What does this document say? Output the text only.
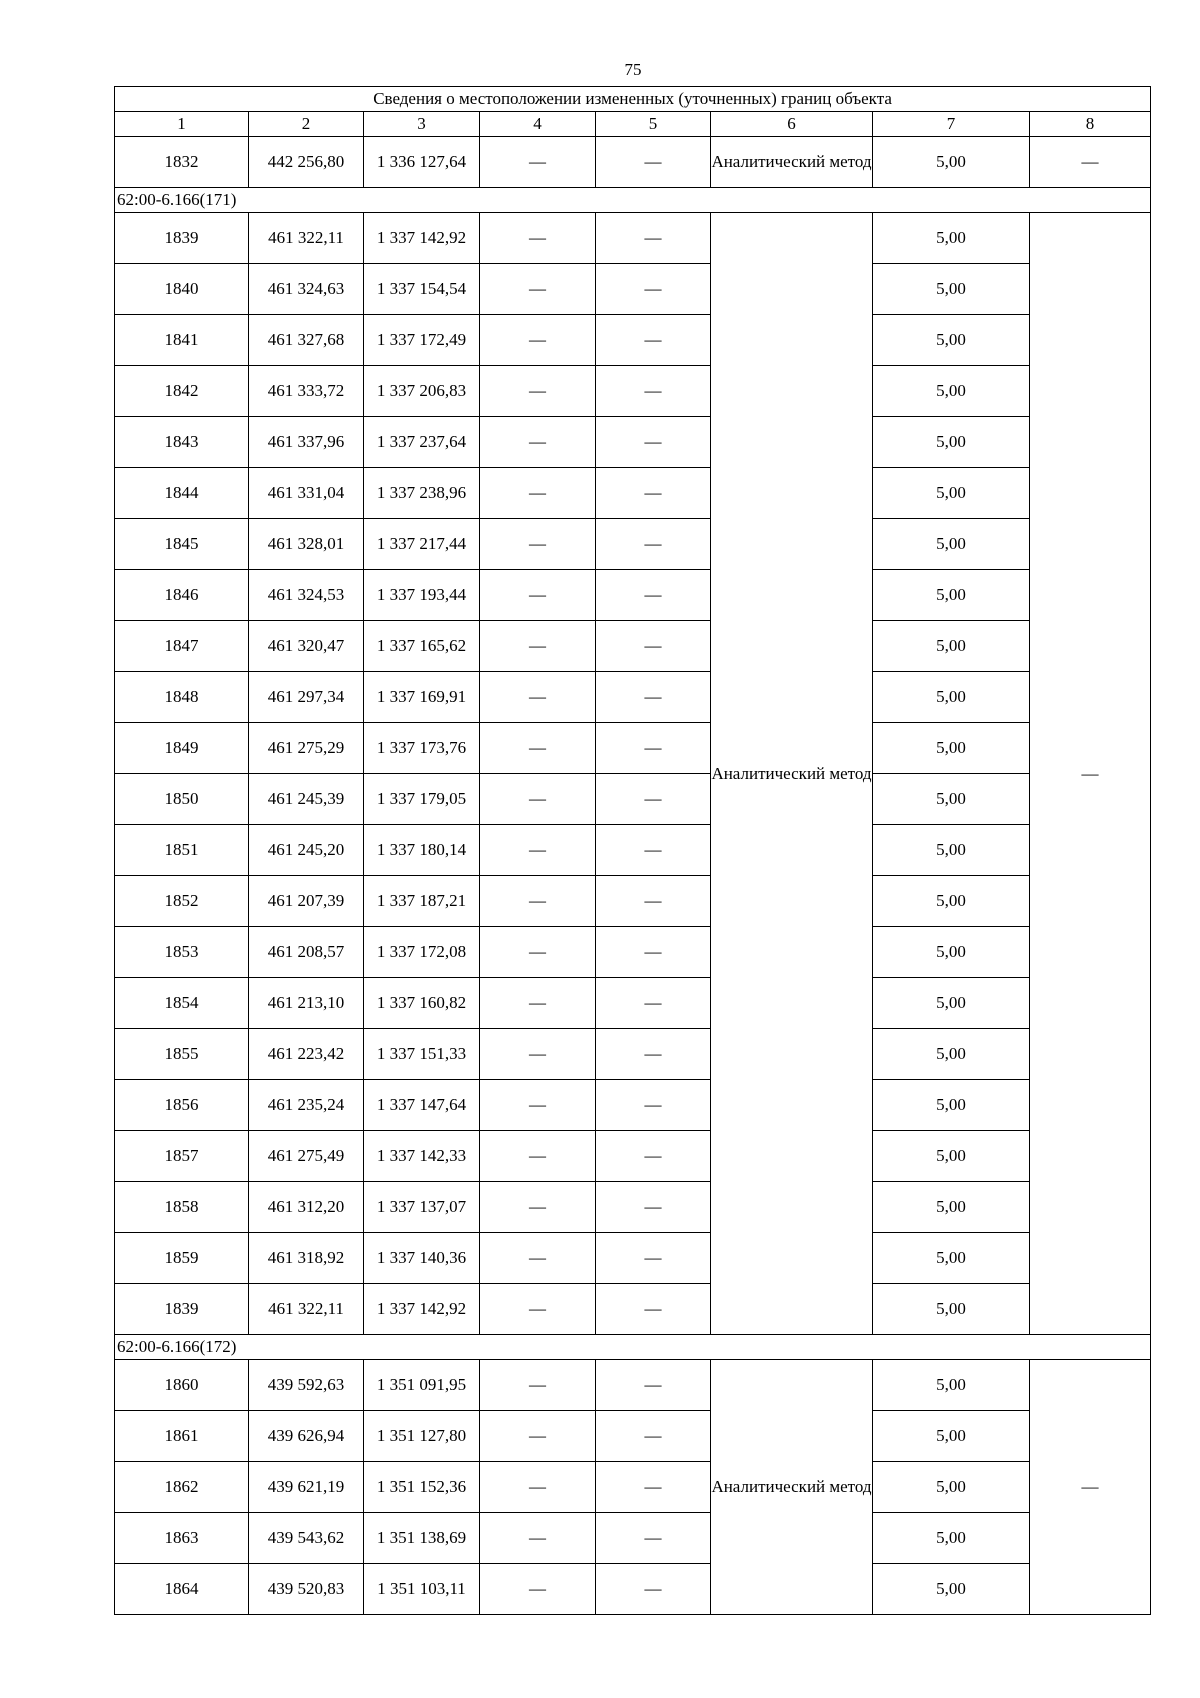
75
Сведения о местоположении измененных (уточненных) границ объекта							
1	2	3	4	5	6	7	8
1832	442 256,80	1 336 127,64	—	—	Аналитический метод	5,00	—
62:00-6.166(171)							
1839	461 322,11	1 337 142,92	—	—	Аналитический метод	5,00	—
1840	461 324,63	1 337 154,54	—	—		5,00	
1841	461 327,68	1 337 172,49	—	—		5,00	
1842	461 333,72	1 337 206,83	—	—		5,00	
1843	461 337,96	1 337 237,64	—	—		5,00	
1844	461 331,04	1 337 238,96	—	—		5,00	
1845	461 328,01	1 337 217,44	—	—		5,00	
1846	461 324,53	1 337 193,44	—	—		5,00	
1847	461 320,47	1 337 165,62	—	—		5,00	
1848	461 297,34	1 337 169,91	—	—		5,00	
1849	461 275,29	1 337 173,76	—	—		5,00	
1850	461 245,39	1 337 179,05	—	—		5,00	
1851	461 245,20	1 337 180,14	—	—		5,00	
1852	461 207,39	1 337 187,21	—	—		5,00	
1853	461 208,57	1 337 172,08	—	—		5,00	
1854	461 213,10	1 337 160,82	—	—		5,00	
1855	461 223,42	1 337 151,33	—	—		5,00	
1856	461 235,24	1 337 147,64	—	—		5,00	
1857	461 275,49	1 337 142,33	—	—		5,00	
1858	461 312,20	1 337 137,07	—	—		5,00	
1859	461 318,92	1 337 140,36	—	—		5,00	
1839	461 322,11	1 337 142,92	—	—		5,00	
62:00-6.166(172)							
1860	439 592,63	1 351 091,95	—	—	Аналитический метод	5,00	—
1861	439 626,94	1 351 127,80	—	—		5,00	
1862	439 621,19	1 351 152,36	—	—		5,00	
1863	439 543,62	1 351 138,69	—	—		5,00	
1864	439 520,83	1 351 103,11	—	—		5,00	
